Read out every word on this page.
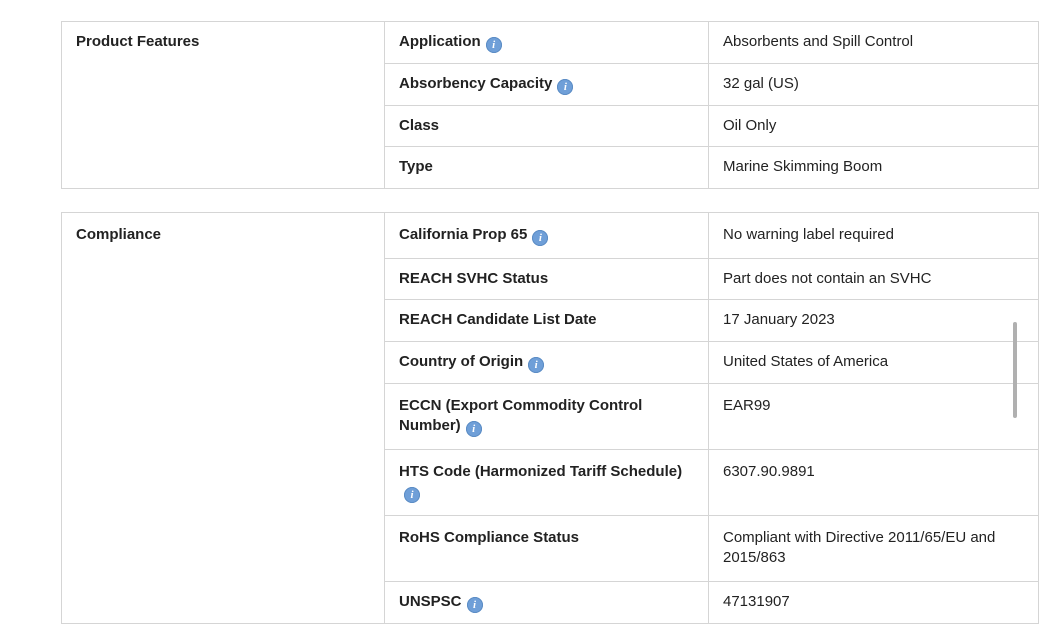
Product Features	Application i	Absorbents and Spill Control
	Absorbency Capacity i	32 gal (US)
	Class	Oil Only
	Type	Marine Skimming Boom
Compliance	California Prop 65 i	No warning label required
	REACH SVHC Status	Part does not contain an SVHC
	REACH Candidate List Date	17 January 2023
	Country of Origin i	United States of America
	ECCN (Export Commodity Control Number) i	EAR99
	HTS Code (Harmonized Tariff Schedule)i	6307.90.9891
	RoHS Compliance Status	Compliant with Directive 2011/65/EU and 2015/863
	UNSPSC i	47131907
